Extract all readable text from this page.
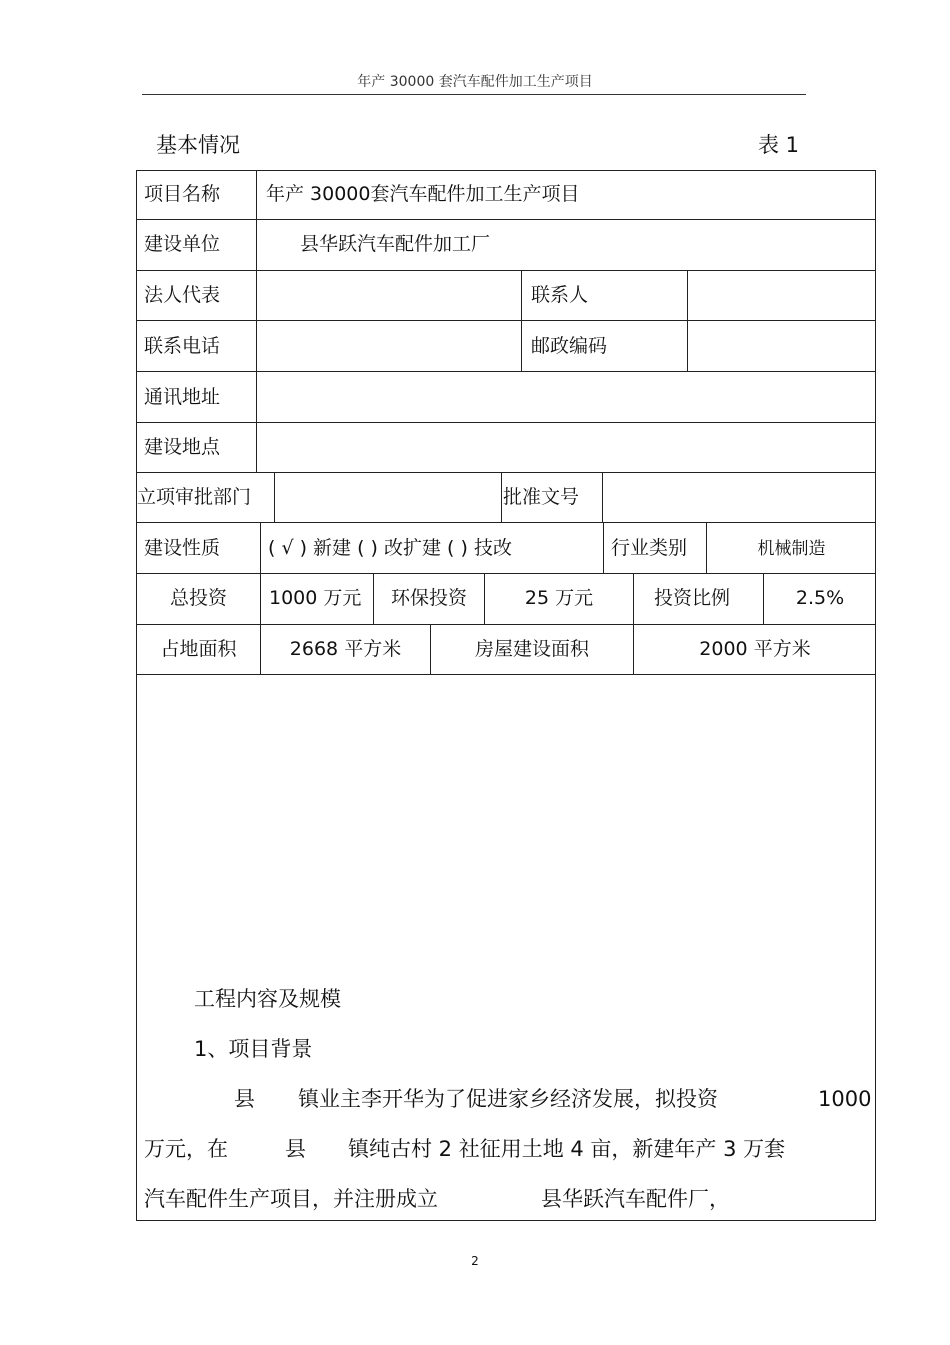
年产 30000 套汽车配件加工生产项目
基本情况	表 1
项目名称 年产 30000套汽车配件加工生产项目
建设单位	县华跃汽车配件加工厂
法人代表	联系人
联系电话	邮政编码
通讯地址
建设地点
立项审批部门	批准文号
建设性质	( √ ) 新建 ( ) 改扩建 ( ) 技改	行业类别	机械制造
总投资	1000 万元 环保投资	25 万元	投资比例	2.5%
占地面积	2668 平方米	房屋建设面积	2000 平方米
工程内容及规模
1、项目背景
县 镇业主李开华为了促进家乡经济发展，拟投资	1000
万元，在	县 镇纯古村 2 社征用土地 4 亩，新建年产 3 万套
汽车配件生产项目，并注册成立	县华跃汽车配件厂，
2
